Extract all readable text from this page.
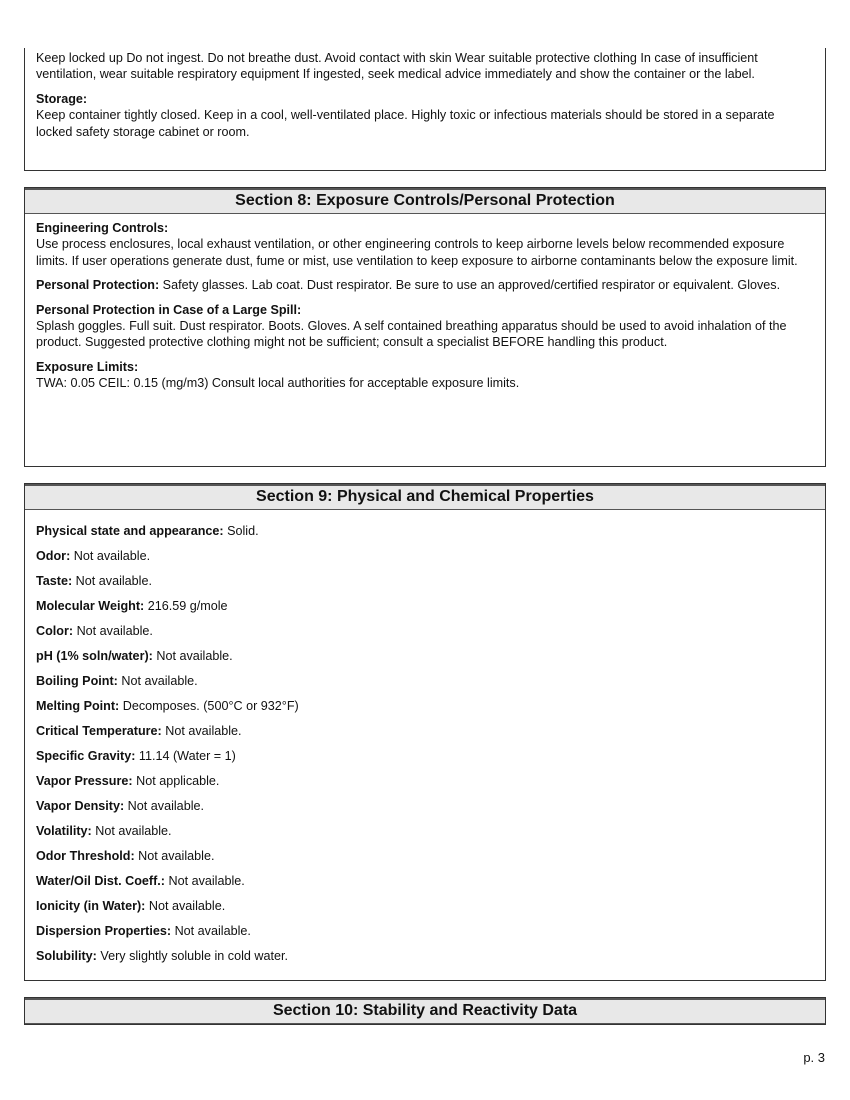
Keep locked up Do not ingest. Do not breathe dust. Avoid contact with skin Wear suitable protective clothing In case of insufficient ventilation, wear suitable respiratory equipment If ingested, seek medical advice immediately and show the container or the label.
Storage:
Keep container tightly closed. Keep in a cool, well-ventilated place. Highly toxic or infectious materials should be stored in a separate locked safety storage cabinet or room.
Section 8: Exposure Controls/Personal Protection
Engineering Controls:
Use process enclosures, local exhaust ventilation, or other engineering controls to keep airborne levels below recommended exposure limits. If user operations generate dust, fume or mist, use ventilation to keep exposure to airborne contaminants below the exposure limit.
Personal Protection: Safety glasses. Lab coat. Dust respirator. Be sure to use an approved/certified respirator or equivalent. Gloves.
Personal Protection in Case of a Large Spill:
Splash goggles. Full suit. Dust respirator. Boots. Gloves. A self contained breathing apparatus should be used to avoid inhalation of the product. Suggested protective clothing might not be sufficient; consult a specialist BEFORE handling this product.
Exposure Limits:
TWA: 0.05 CEIL: 0.15 (mg/m3) Consult local authorities for acceptable exposure limits.
Section 9: Physical and Chemical Properties
Physical state and appearance: Solid.
Odor: Not available.
Taste: Not available.
Molecular Weight: 216.59 g/mole
Color: Not available.
pH (1% soln/water): Not available.
Boiling Point: Not available.
Melting Point: Decomposes. (500°C or 932°F)
Critical Temperature: Not available.
Specific Gravity: 11.14 (Water = 1)
Vapor Pressure: Not applicable.
Vapor Density: Not available.
Volatility: Not available.
Odor Threshold: Not available.
Water/Oil Dist. Coeff.: Not available.
Ionicity (in Water): Not available.
Dispersion Properties: Not available.
Solubility: Very slightly soluble in cold water.
Section 10: Stability and Reactivity Data
p. 3
